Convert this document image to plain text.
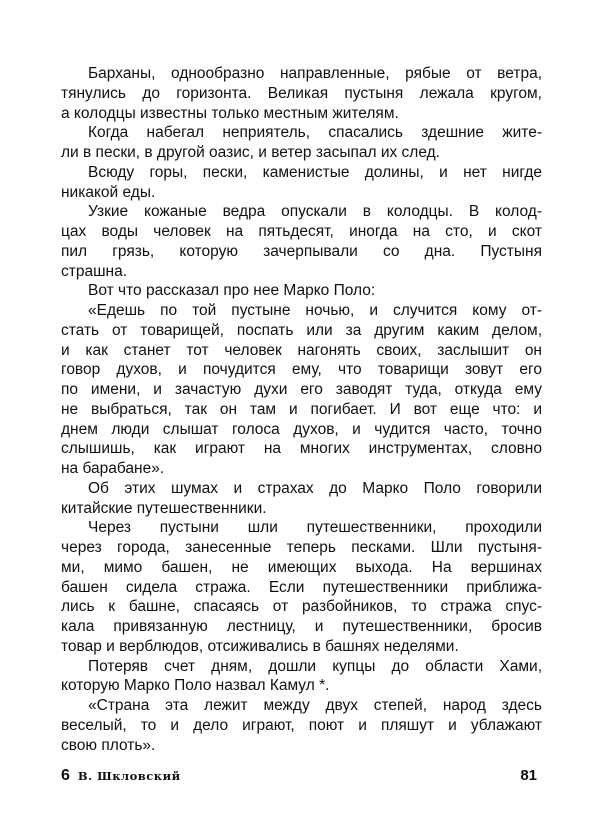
Барханы, однообразно направленные, рябые от ветра,
тянулись до горизонта. Великая пустыня лежала кругом,
а колодцы известны только местным жителям.
Когда набегал неприятель, спасались здешние жите-
ли в пески, в другой оазис, и ветер засыпал их след.
Всюду горы, пески, каменистые долины, и нет нигде
никакой еды.
Узкие кожаные ведра опускали в колодцы. В колод-
цах воды человек на пятьдесят, иногда на сто, и скот
пил грязь, которую зачерпывали со дна. Пустыня
страшна.
Вот что рассказал про нее Марко Поло:
«Едешь по той пустыне ночью, и случится кому от-
стать от товарищей, поспать или за другим каким делом,
и как станет тот человек нагонять своих, заслышит он
говор духов, и почудится ему, что товарищи зовут его
по имени, и зачастую духи его заводят туда, откуда ему
не выбраться, так он там и погибает. И вот еще что: и
днем люди слышат голоса духов, и чудится часто, точно
слышишь, как играют на многих инструментах, словно
на барабане».
Об этих шумах и страхах до Марко Поло говорили
китайские путешественники.
Через пустыни шли путешественники, проходили
через города, занесенные теперь песками. Шли пустыня-
ми, мимо башен, не имеющих выхода. На вершинах
башен сидела стража. Если путешественники приближа-
лись к башне, спасаясь от разбойников, то стража спус-
кала привязанную лестницу, и путешественники, бросив
товар и верблюдов, отсиживались в башнях неделями.
Потеряв счет дням, дошли купцы до области Хами,
которую Марко Поло назвал Камул *.
«Страна эта лежит между двух степей, народ здесь
веселый, то и дело играют, поют и пляшут и ублажают
свою плоть».
6 В. Шкловский	81
